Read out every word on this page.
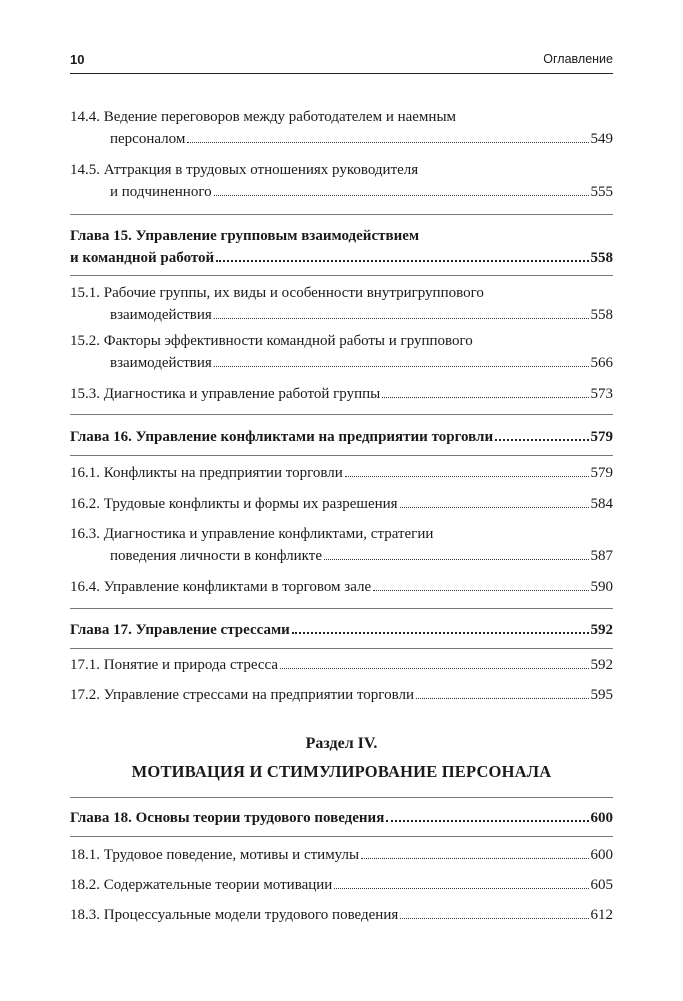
10	Оглавление
14.4. Ведение переговоров между работодателем и наемным
персоналом	549
14.5. Аттракция в трудовых отношениях руководителя
и подчиненного	555
Глава 15. Управление групповым взаимодействием
и командной работой	558
15.1. Рабочие группы, их виды и особенности внутригруппового
взаимодействия	558
15.2. Факторы эффективности командной работы и группового
взаимодействия	566
15.3. Диагностика и управление работой группы	573
Глава 16. Управление конфликтами на предприятии торговли	579
16.1. Конфликты на предприятии торговли	579
16.2. Трудовые конфликты и формы их разрешения	584
16.3. Диагностика и управление конфликтами, стратегии
поведения личности в конфликте	587
16.4. Управление конфликтами в торговом зале	590
Глава 17. Управление стрессами	592
17.1. Понятие и природа стресса	592
17.2. Управление стрессами на предприятии торговли	595
Раздел IV.
МОТИВАЦИЯ И СТИМУЛИРОВАНИЕ ПЕРСОНАЛА
Глава 18. Основы теории трудового поведения	600
18.1. Трудовое поведение, мотивы и стимулы	600
18.2. Содержательные теории мотивации	605
18.3. Процессуальные модели трудового поведения	612
